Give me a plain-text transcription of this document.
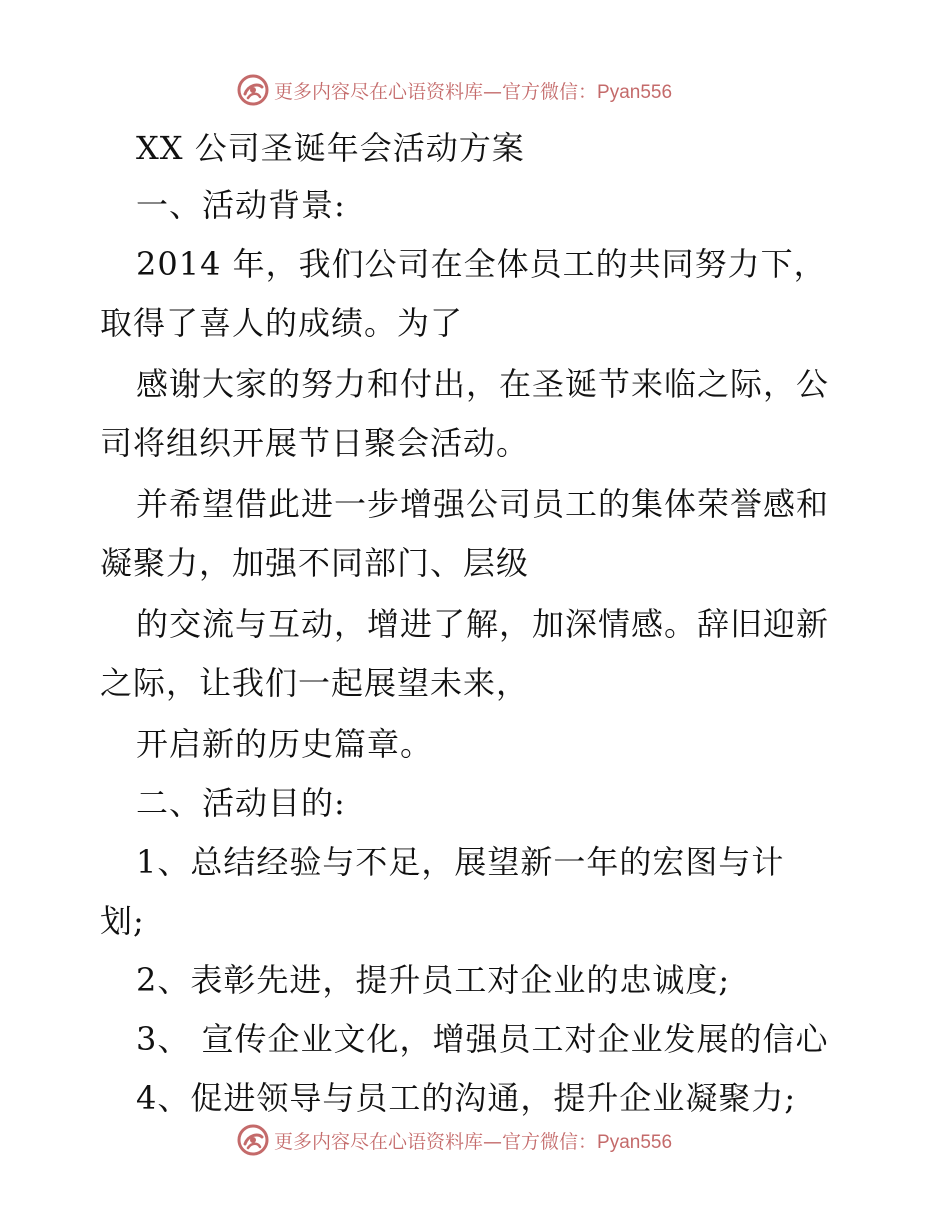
更多内容尽在心语资料库—官方微信：Pyan556
XX 公司圣诞年会活动方案
一、活动背景:
2014 年，我们公司在全体员工的共同努力下，
取得了喜人的成绩。为了
感谢大家的努力和付出，在圣诞节来临之际，公
司将组织开展节日聚会活动。
并希望借此进一步增强公司员工的集体荣誉感和
凝聚力，加强不同部门、层级
的交流与互动，增进了解，加深情感。辞旧迎新
之际，让我们一起展望未来，
开启新的历史篇章。
二、活动目的:
1、总结经验与不足，展望新一年的宏图与计
划;
2、表彰先进，提升员工对企业的忠诚度;
3、 宣传企业文化，增强员工对企业发展的信心
4、促进领导与员工的沟通，提升企业凝聚力;
更多内容尽在心语资料库—官方微信：Pyan556
